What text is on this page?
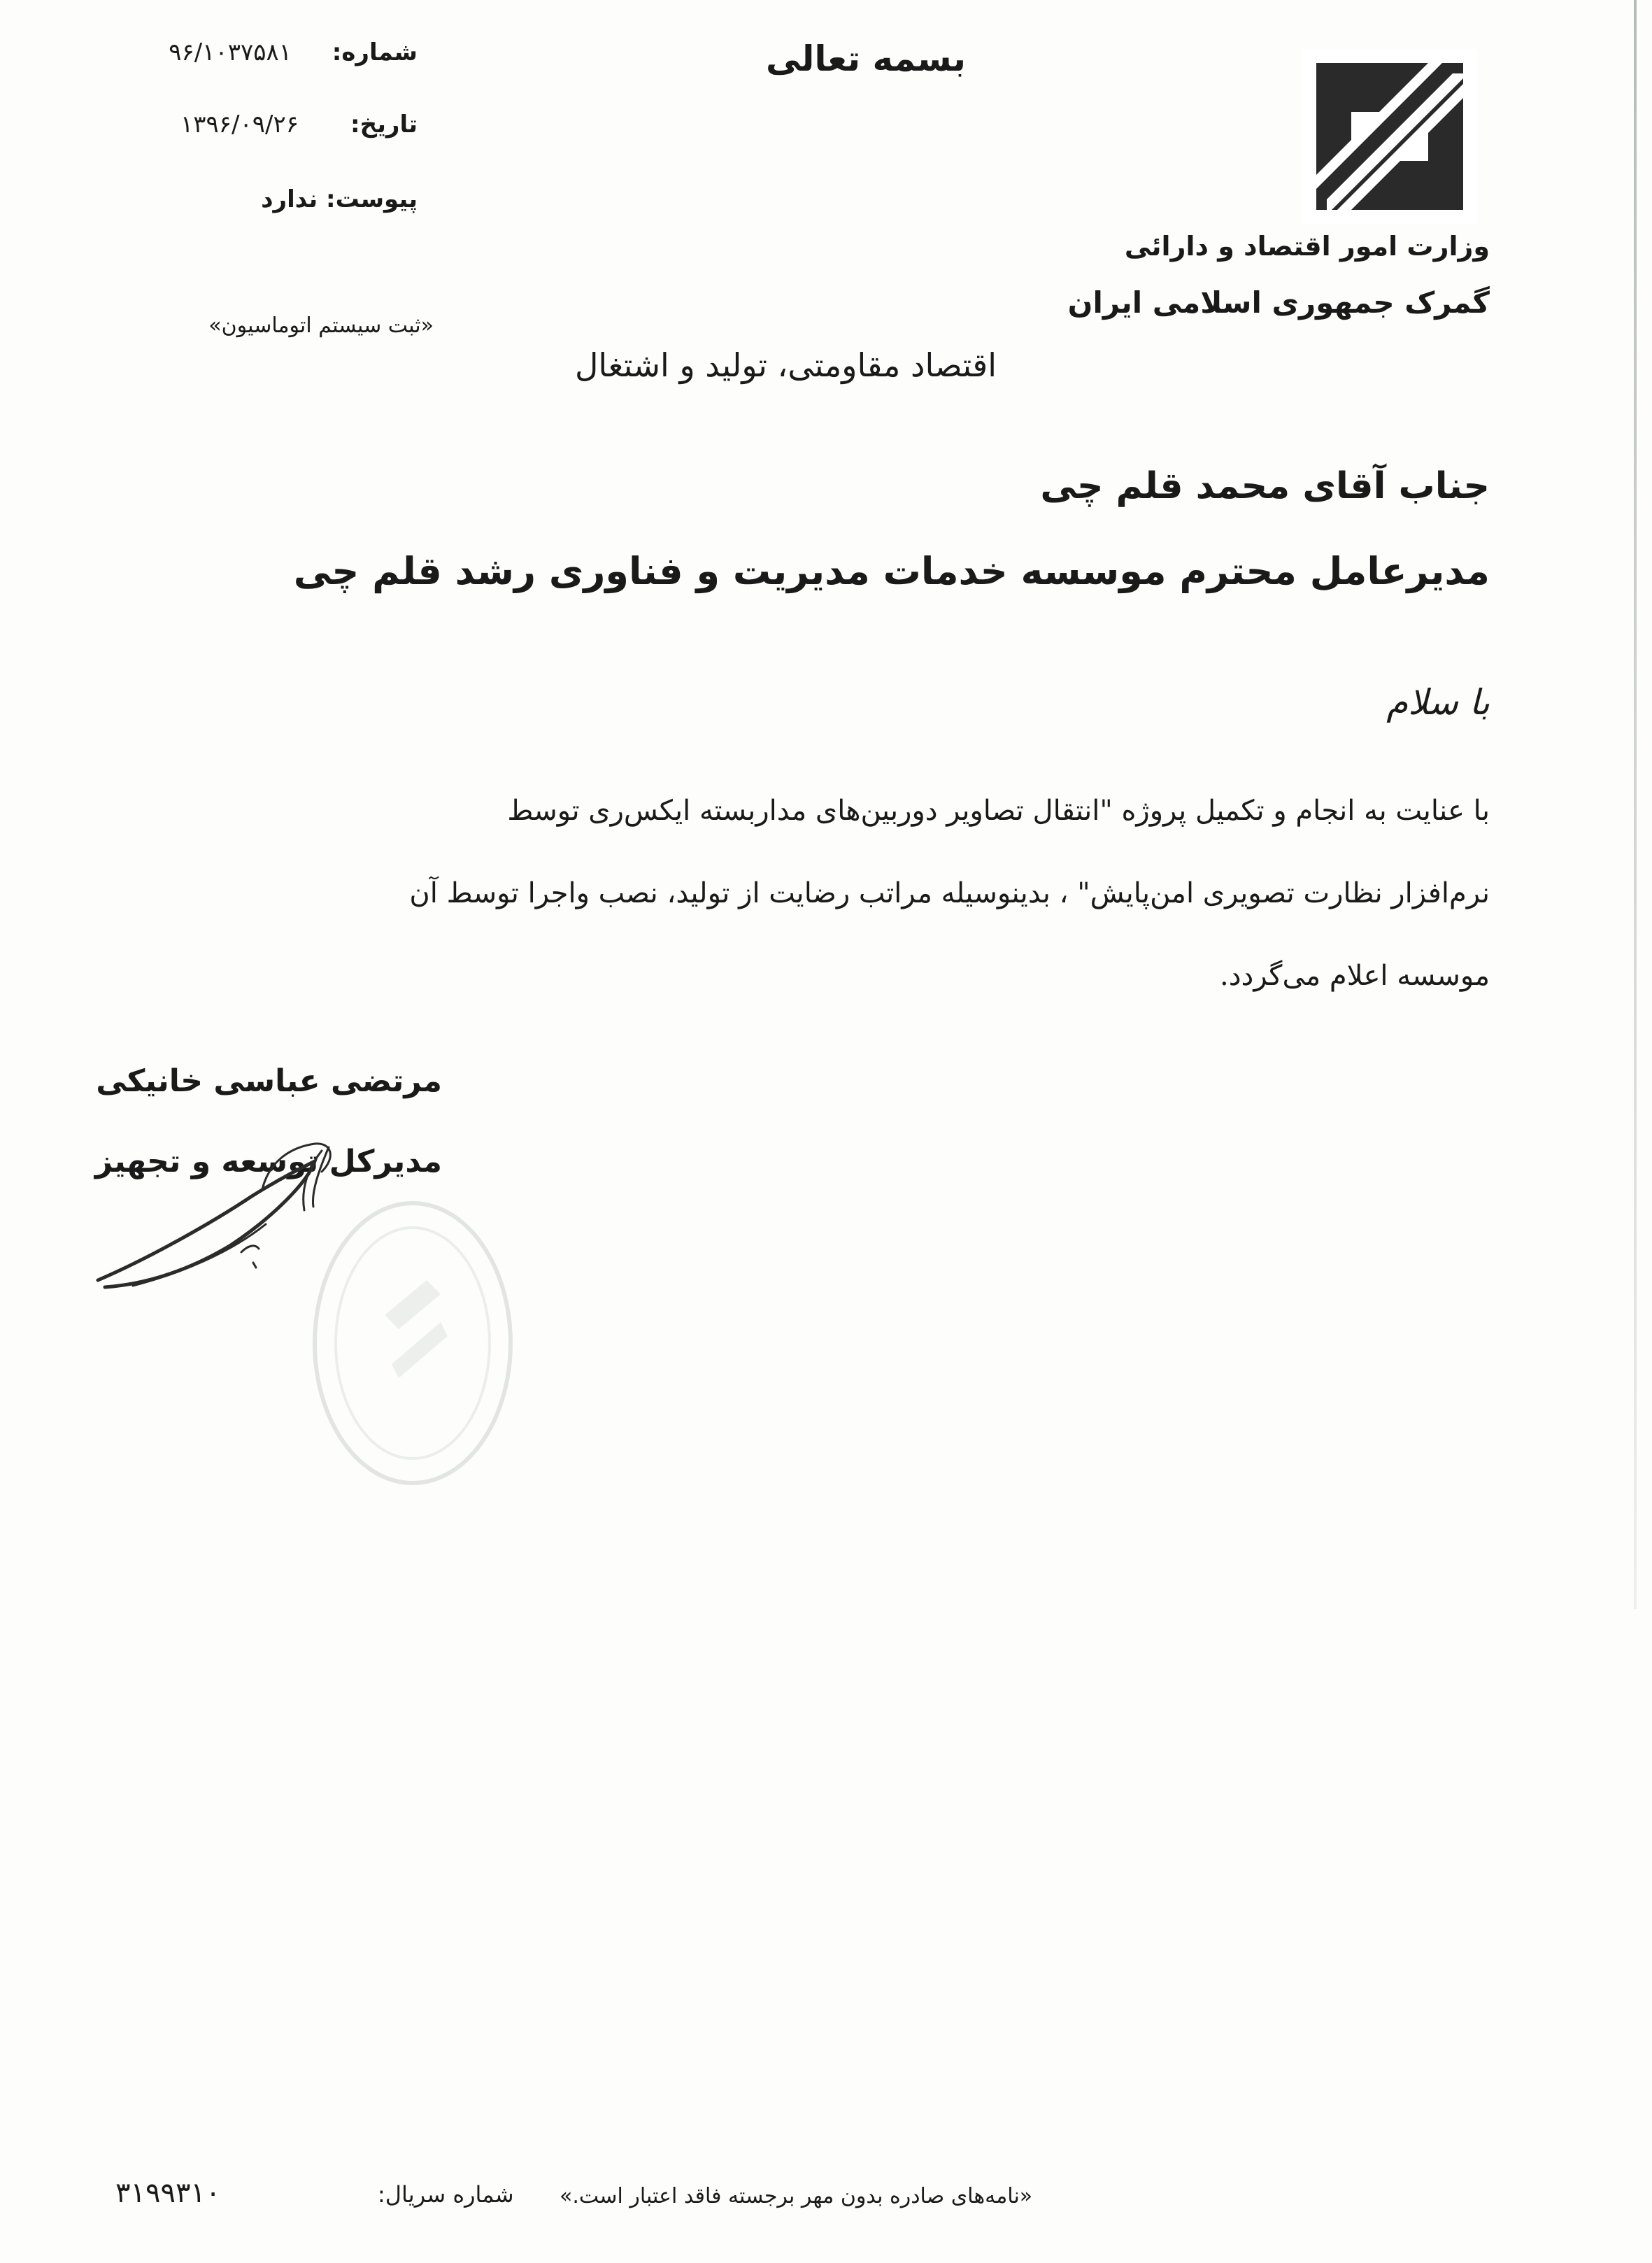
وزارت امور اقتصاد و دارائی
گمرک جمهوری اسلامی ایران
بسمه تعالی
شماره:
۹۶/۱۰۳۷۵۸۱
تاریخ:
۱۳۹۶/۰۹/۲۶
پیوست: ندارد
«ثبت سیستم اتوماسیون»
اقتصاد مقاومتی، تولید و اشتغال
جناب آقای محمد قلم چی
مدیرعامل محترم موسسه خدمات مدیریت و فناوری رشد قلم چی
با سلام
با عنایت به انجام و تکمیل پروژه "انتقال تصاویر دوربین‌های مداربسته ایکس‌ری توسط
نرم‌افزار نظارت تصویری امن‌پایش" ، بدینوسیله مراتب رضایت از تولید، نصب واجرا توسط آن
موسسه اعلام می‌گردد.
مرتضی عباسی خانیکی
مدیرکل توسعه و تجهیز
«نامه‌های صادره بدون مهر برجسته فاقد اعتبار است.»
شماره سریال:
۳۱۹۹۳۱۰
